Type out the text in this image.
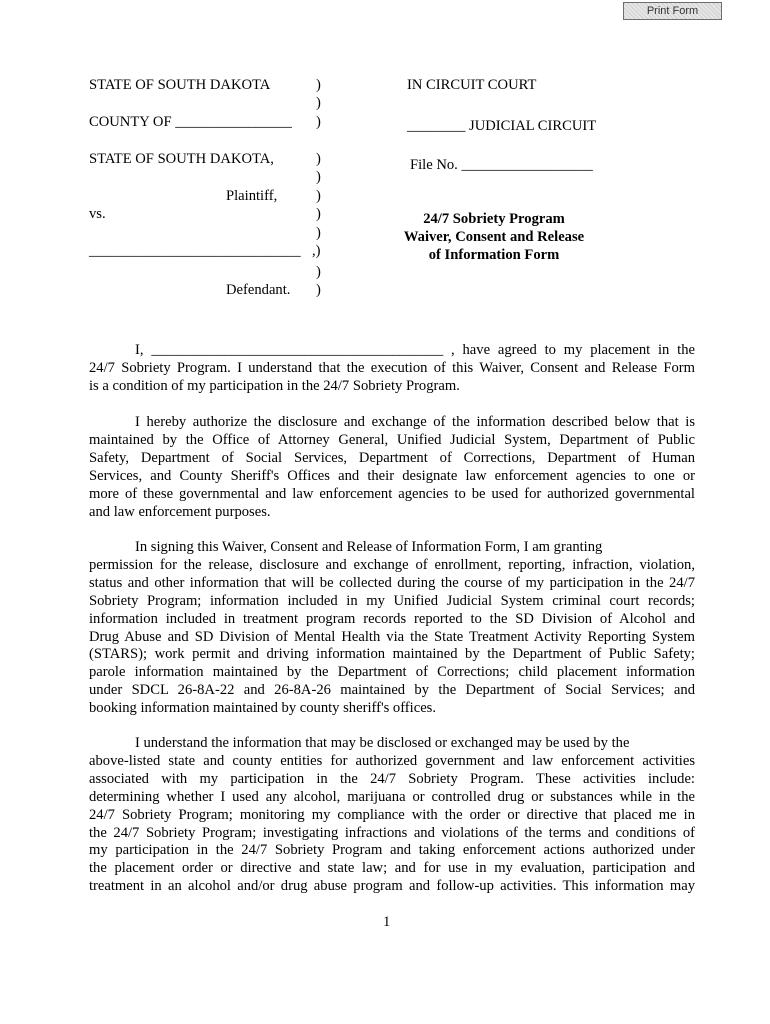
Print Form
STATE OF SOUTH DAKOTA
COUNTY OF ________________
STATE OF SOUTH DAKOTA,
Plaintiff,
vs.
_____________________________
Defendant.
)
)
)
)
)
)
)
,)
)
)
)
IN CIRCUIT COURT
________ JUDICIAL CIRCUIT
File No. __________________
24/7 Sobriety Program
Waiver, Consent and Release
of Information Form
I, ________________________________________ , have agreed to my placement in the
24/7 Sobriety Program. I understand that the execution of this Waiver, Consent and Release Form
is a condition of my participation in the 24/7 Sobriety Program.
I hereby authorize the disclosure and exchange of the information described below that is
maintained by the Office of Attorney General, Unified Judicial System, Department of Public
Safety, Department of Social Services, Department of Corrections, Department of Human
Services, and County Sheriff's Offices and their designate law enforcement agencies to one or
more of these governmental and law enforcement agencies to be used for authorized governmental
and law enforcement purposes.
In signing this Waiver, Consent and Release of Information Form, I am granting
permission for the release, disclosure and exchange of enrollment, reporting, infraction, violation,
status and other information that will be collected during the course of my participation in the 24/7
Sobriety Program; information included in my Unified Judicial System criminal court records;
information included in treatment program records reported to the SD Division of Alcohol and
Drug Abuse and SD Division of Mental Health via the State Treatment Activity Reporting System
(STARS); work permit and driving information maintained by the Department of Public Safety;
parole information maintained by the Department of Corrections; child placement information
under SDCL 26-8A-22 and 26-8A-26 maintained by the Department of Social Services; and
booking information maintained by county sheriff's offices.
I understand the information that may be disclosed or exchanged may be used by the
above-listed state and county entities for authorized government and law enforcement activities
associated with my participation in the 24/7 Sobriety Program. These activities include:
determining whether I used any alcohol, marijuana or controlled drug or substances while in the
24/7 Sobriety Program; monitoring my compliance with the order or directive that placed me in
the 24/7 Sobriety Program; investigating infractions and violations of the terms and conditions of
my participation in the 24/7 Sobriety Program and taking enforcement actions authorized under
the placement order or directive and state law; and for use in my evaluation, participation and
treatment in an alcohol and/or drug abuse program and follow-up activities. This information may
1
